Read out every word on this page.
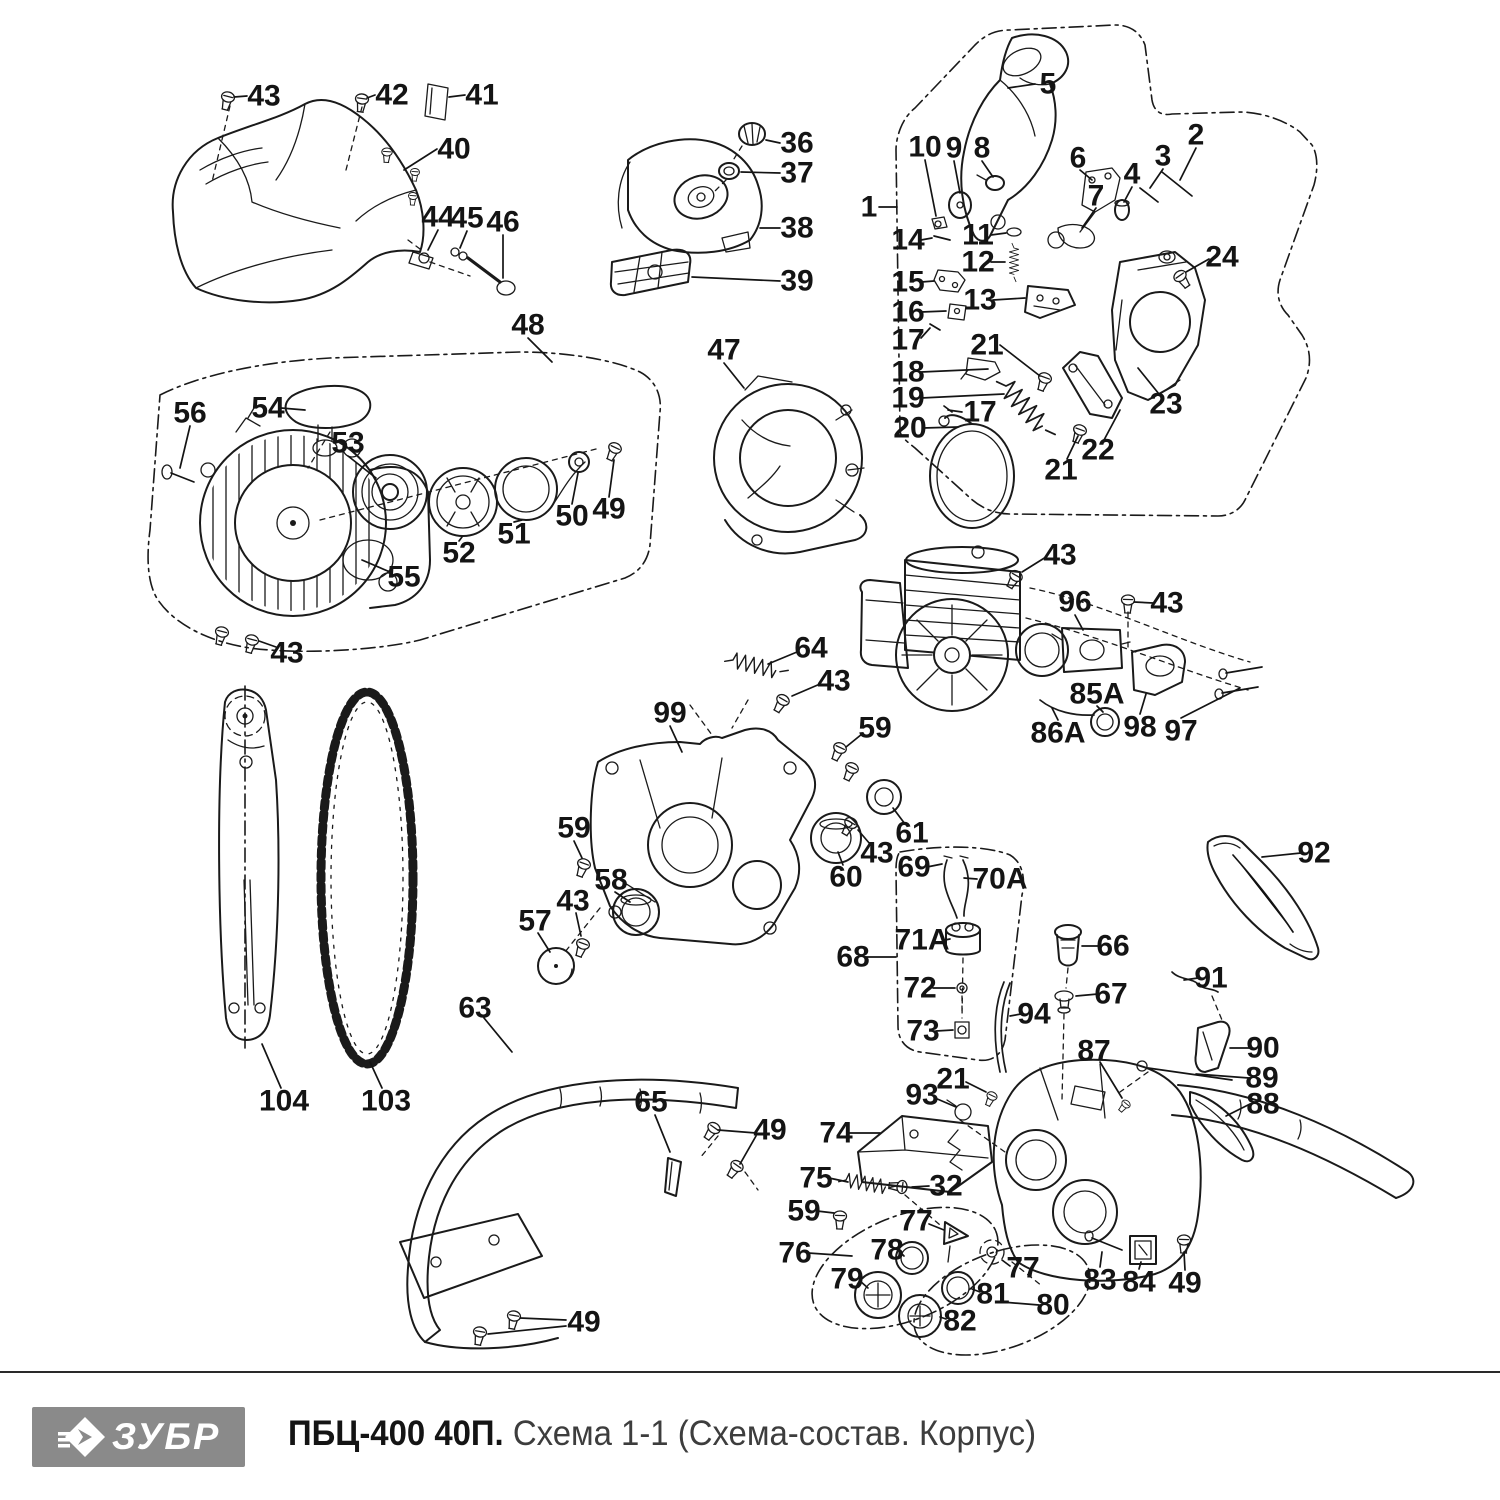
43	42 41
40
44
45 46
36
37
38
39
1
5
2
3
4
6
7
8
9
10
14 11
12
15
16
17
13
21
18
19 17
20
21
22
23
24
48
56 54
53
52
51
50 49
55
43
47
43
96 43
85A
86A 98 97
59
64
43
99
59
58
43
57
60
61
43 69 70A
71A	66
72	67
94
73
68
92
104 103
63
65
49
49
91
90
89
88
87
21
93
74
75	32
59
76
77
78
79	81
77
82 80
83 84 49
ЗУБР ПБЦ-400 40П. Схема 1-1 (Схема-состав. Корпус)
